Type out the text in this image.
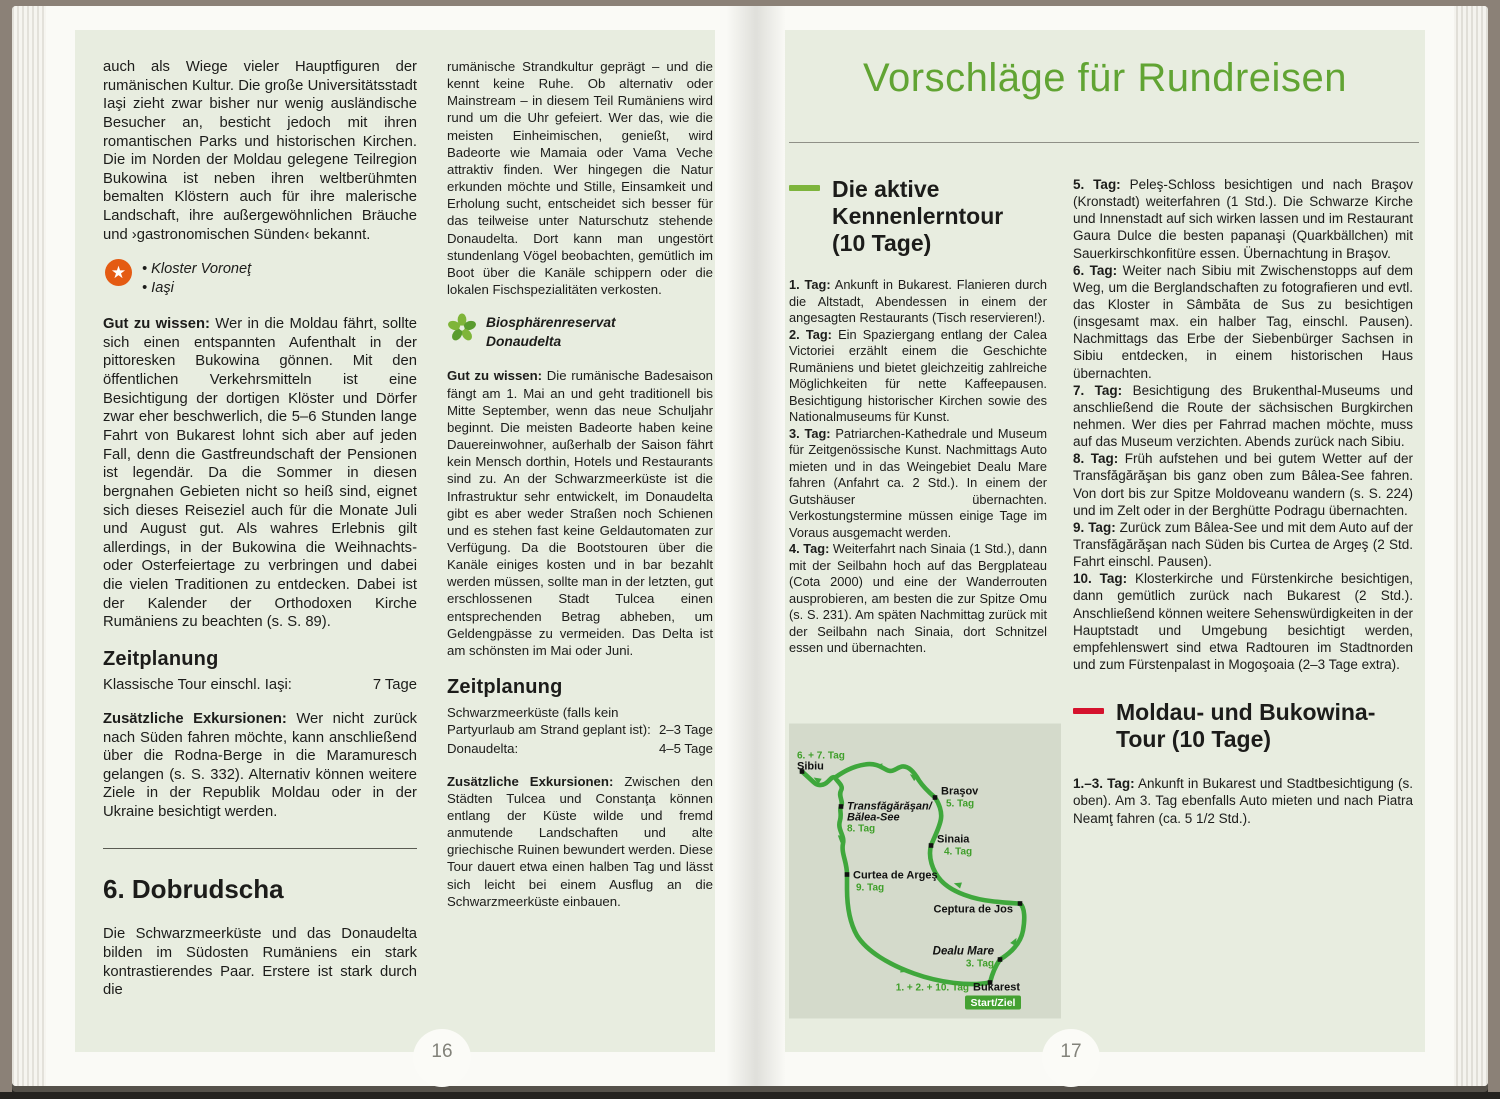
auch als Wiege vieler Hauptfiguren der rumänischen Kultur. Die große Universitätsstadt Iaşi zieht zwar bisher nur wenig ausländische Besucher an, besticht jedoch mit ihren romantischen Parks und historischen Kirchen. Die im Norden der Moldau gelegene Teilregion Bukowina ist neben ihren weltberühmten bemalten Klöstern auch für ihre malerische Landschaft, ihre außergewöhnlichen Bräuche und ›gastronomischen Sünden‹ bekannt.

★	• Kloster Voroneţ
• Iaşi

Gut zu wissen: Wer in die Moldau fährt, sollte sich einen entspannten Aufenthalt in der pittoresken Bukowina gönnen. Mit den öffentlichen Verkehrsmitteln ist eine Besichtigung der dortigen Klöster und Dörfer zwar eher beschwerlich, die 5–6 Stunden lange Fahrt von Bukarest lohnt sich aber auf jeden Fall, denn die Gastfreundschaft der Pensionen ist legendär. Da die Sommer in diesen bergnahen Gebieten nicht so heiß sind, eignet sich dieses Reiseziel auch für die Monate Juli und August gut. Als wahres Erlebnis gilt allerdings, in der Bukowina die Weihnachts- oder Osterfeiertage zu verbringen und dabei die vielen Traditionen zu entdecken. Dabei ist der Kalender der Orthodoxen Kirche Rumäniens zu beachten (s. S. 89).

Zeitplanung
Klassische Tour einschl. Iaşi:	7 Tage

Zusätzliche Exkursionen: Wer nicht zurück nach Süden fahren möchte, kann anschließend über die Rodna-Berge in die Maramuresch gelangen (s. S. 332). Alternativ können weitere Ziele in der Republik Moldau oder in der Ukraine besichtigt werden.

6. Dobrudscha

Die Schwarzmeerküste und das Donaudelta bilden im Südosten Rumäniens ein stark kontrastierendes Paar. Erstere ist stark durch die

rumänische Strandkultur geprägt – und die kennt keine Ruhe. Ob alternativ oder Mainstream – in diesem Teil Rumäniens wird rund um die Uhr gefeiert. Wer das, wie die meisten Einheimischen, genießt, wird Badeorte wie Mamaia oder Vama Veche attraktiv finden. Wer hingegen die Natur erkunden möchte und Stille, Einsamkeit und Erholung sucht, entscheidet sich besser für das teilweise unter Naturschutz stehende Donaudelta. Dort kann man ungestört stundenlang Vögel beobachten, gemütlich im Boot über die Kanäle schippern oder die lokalen Fischspezialitäten verkosten.

Biosphärenreservat
Donaudelta

Gut zu wissen: Die rumänische Badesaison fängt am 1. Mai an und geht traditionell bis Mitte September, wenn das neue Schuljahr beginnt. Die meisten Badeorte haben keine Dauereinwohner, außerhalb der Saison fährt kein Mensch dorthin, Hotels und Restaurants sind zu. An der Schwarzmeerküste ist die Infrastruktur sehr entwickelt, im Donaudelta gibt es aber weder Straßen noch Schienen und es stehen fast keine Geldautomaten zur Verfügung. Da die Bootstouren über die Kanäle einiges kosten und in bar bezahlt werden müssen, sollte man in der letzten, gut erschlossenen Stadt Tulcea einen entsprechenden Betrag abheben, um Geldengpässe zu vermeiden. Das Delta ist am schönsten im Mai oder Juni.

Zeitplanung
Schwarzmeerküste (falls kein Partyurlaub am Strand geplant ist): 2–3 Tage
Donaudelta:	4–5 Tage

Zusätzliche Exkursionen: Zwischen den Städten Tulcea und Constanţa können entlang der Küste wilde und fremd anmutende Landschaften und alte griechische Ruinen bewundert werden. Diese Tour dauert etwa einen halben Tag und lässt sich leicht bei einem Ausflug an die Schwarzmeerküste einbauen.

Vorschläge für Rundreisen
Die aktive
Kennenlerntour
(10 Tage)

1. Tag: Ankunft in Bukarest. Flanieren durch die Altstadt, Abendessen in einem der angesagten Restaurants (Tisch reservieren!).

2. Tag: Ein Spaziergang entlang der Calea Victoriei erzählt einem die Geschichte Rumäniens und bietet gleichzeitig zahlreiche Möglichkeiten für nette Kaffeepausen. Besichtigung historischer Kirchen sowie des Nationalmuseums für Kunst.

3. Tag: Patriarchen-Kathedrale und Museum für Zeitgenössische Kunst. Nachmittags Auto mieten und in das Weingebiet Dealu Mare fahren (Anfahrt ca. 2 Std.). In einem der Gutshäuser übernachten. Verkostungstermine müssen einige Tage im Voraus ausgemacht werden.

4. Tag: Weiterfahrt nach Sinaia (1 Std.), dann mit der Seilbahn hoch auf das Bergplateau (Cota 2000) und eine der Wanderrouten ausprobieren, am besten die zur Spitze Omu (s. S. 231). Am späten Nachmittag zurück mit der Seilbahn nach Sinaia, dort Schnitzel essen und übernachten.

6. + 7. Tag
Sibiu
Braşov
5. Tag
Transfăgărăşan/
Bălea-See
8. Tag
Sinaia
4. Tag
Curtea de Argeş
9. Tag
Ceptura de Jos
Dealu Mare
3. Tag
1. + 2. + 10. Tag Bukarest
Start/Ziel

5. Tag: Peleş-Schloss besichtigen und nach Braşov (Kronstadt) weiterfahren (1 Std.). Die Schwarze Kirche und Innenstadt auf sich wirken lassen und im Restaurant Gaura Dulce die besten papanaşi (Quarkbällchen) mit Sauerkirschkonfitüre essen. Übernachtung in Braşov.

6. Tag: Weiter nach Sibiu mit Zwischenstopps auf dem Weg, um die Berglandschaften zu fotografieren und evtl. das Kloster in Sâmbăta de Sus zu besichtigen (insgesamt max. ein halber Tag, einschl. Pausen). Nachmittags das Erbe der Siebenbürger Sachsen in Sibiu entdecken, in einem historischen Haus übernachten.

7. Tag: Besichtigung des Brukenthal-Museums und anschließend die Route der sächsischen Burgkirchen nehmen. Wer dies per Fahrrad machen möchte, muss auf das Museum verzichten. Abends zurück nach Sibiu.

8. Tag: Früh aufstehen und bei gutem Wetter auf der Transfăgărăşan bis ganz oben zum Bâlea-See fahren. Von dort bis zur Spitze Moldoveanu wandern (s. S. 224) und im Zelt oder in der Berghütte Podragu übernachten.

9. Tag: Zurück zum Bâlea-See und mit dem Auto auf der Transfăgărăşan nach Süden bis Curtea de Argeş (2 Std. Fahrt einschl. Pausen).

10. Tag: Klosterkirche und Fürstenkirche besichtigen, dann gemütlich zurück nach Bukarest (2 Std.). Anschließend können weitere Sehenswürdigkeiten in der Hauptstadt und Umgebung besichtigt werden, empfehlenswert sind etwa Radtouren im Stadtnorden und zum Fürstenpalast in Mogoşoaia (2–3 Tage extra).

Moldau- und Bukowina-
Tour (10 Tage)

1.–3. Tag: Ankunft in Bukarest und Stadtbesichtigung (s. oben). Am 3. Tag ebenfalls Auto mieten und nach Piatra Neamţ fahren (ca. 5 1/2 Std.).

16	17
